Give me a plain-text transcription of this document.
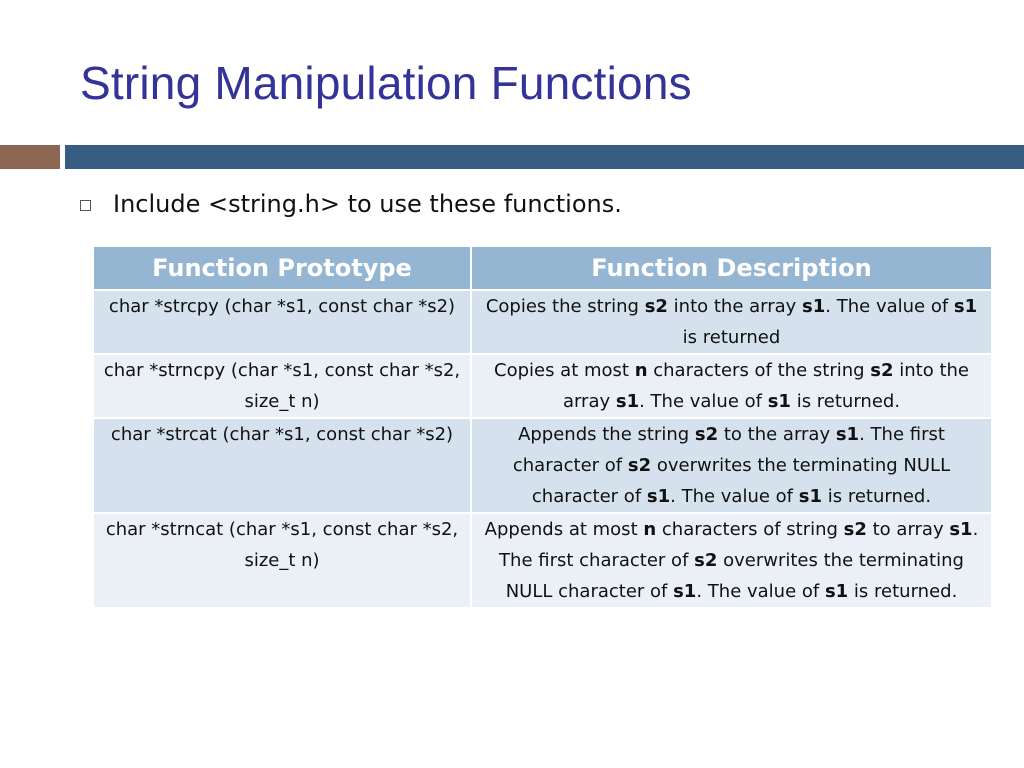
String Manipulation Functions
Include <string.h> to use these functions.
Function Prototype	Function Description
char *strcpy (char *s1, const char *s2)	Copies the string s2 into the array s1. The value of s1 is returned
char *strncpy (char *s1, const char *s2, size_t n)	Copies at most n characters of the string s2 into the array s1. The value of s1 is returned.
char *strcat (char *s1, const char *s2)	Appends the string s2 to the array s1. The first character of s2 overwrites the terminating NULL character of s1. The value of s1 is returned.
char *strncat (char *s1, const char *s2, size_t n)	Appends at most n characters of string s2 to array s1. The first character of s2 overwrites the terminating NULL character of s1. The value of s1 is returned.
